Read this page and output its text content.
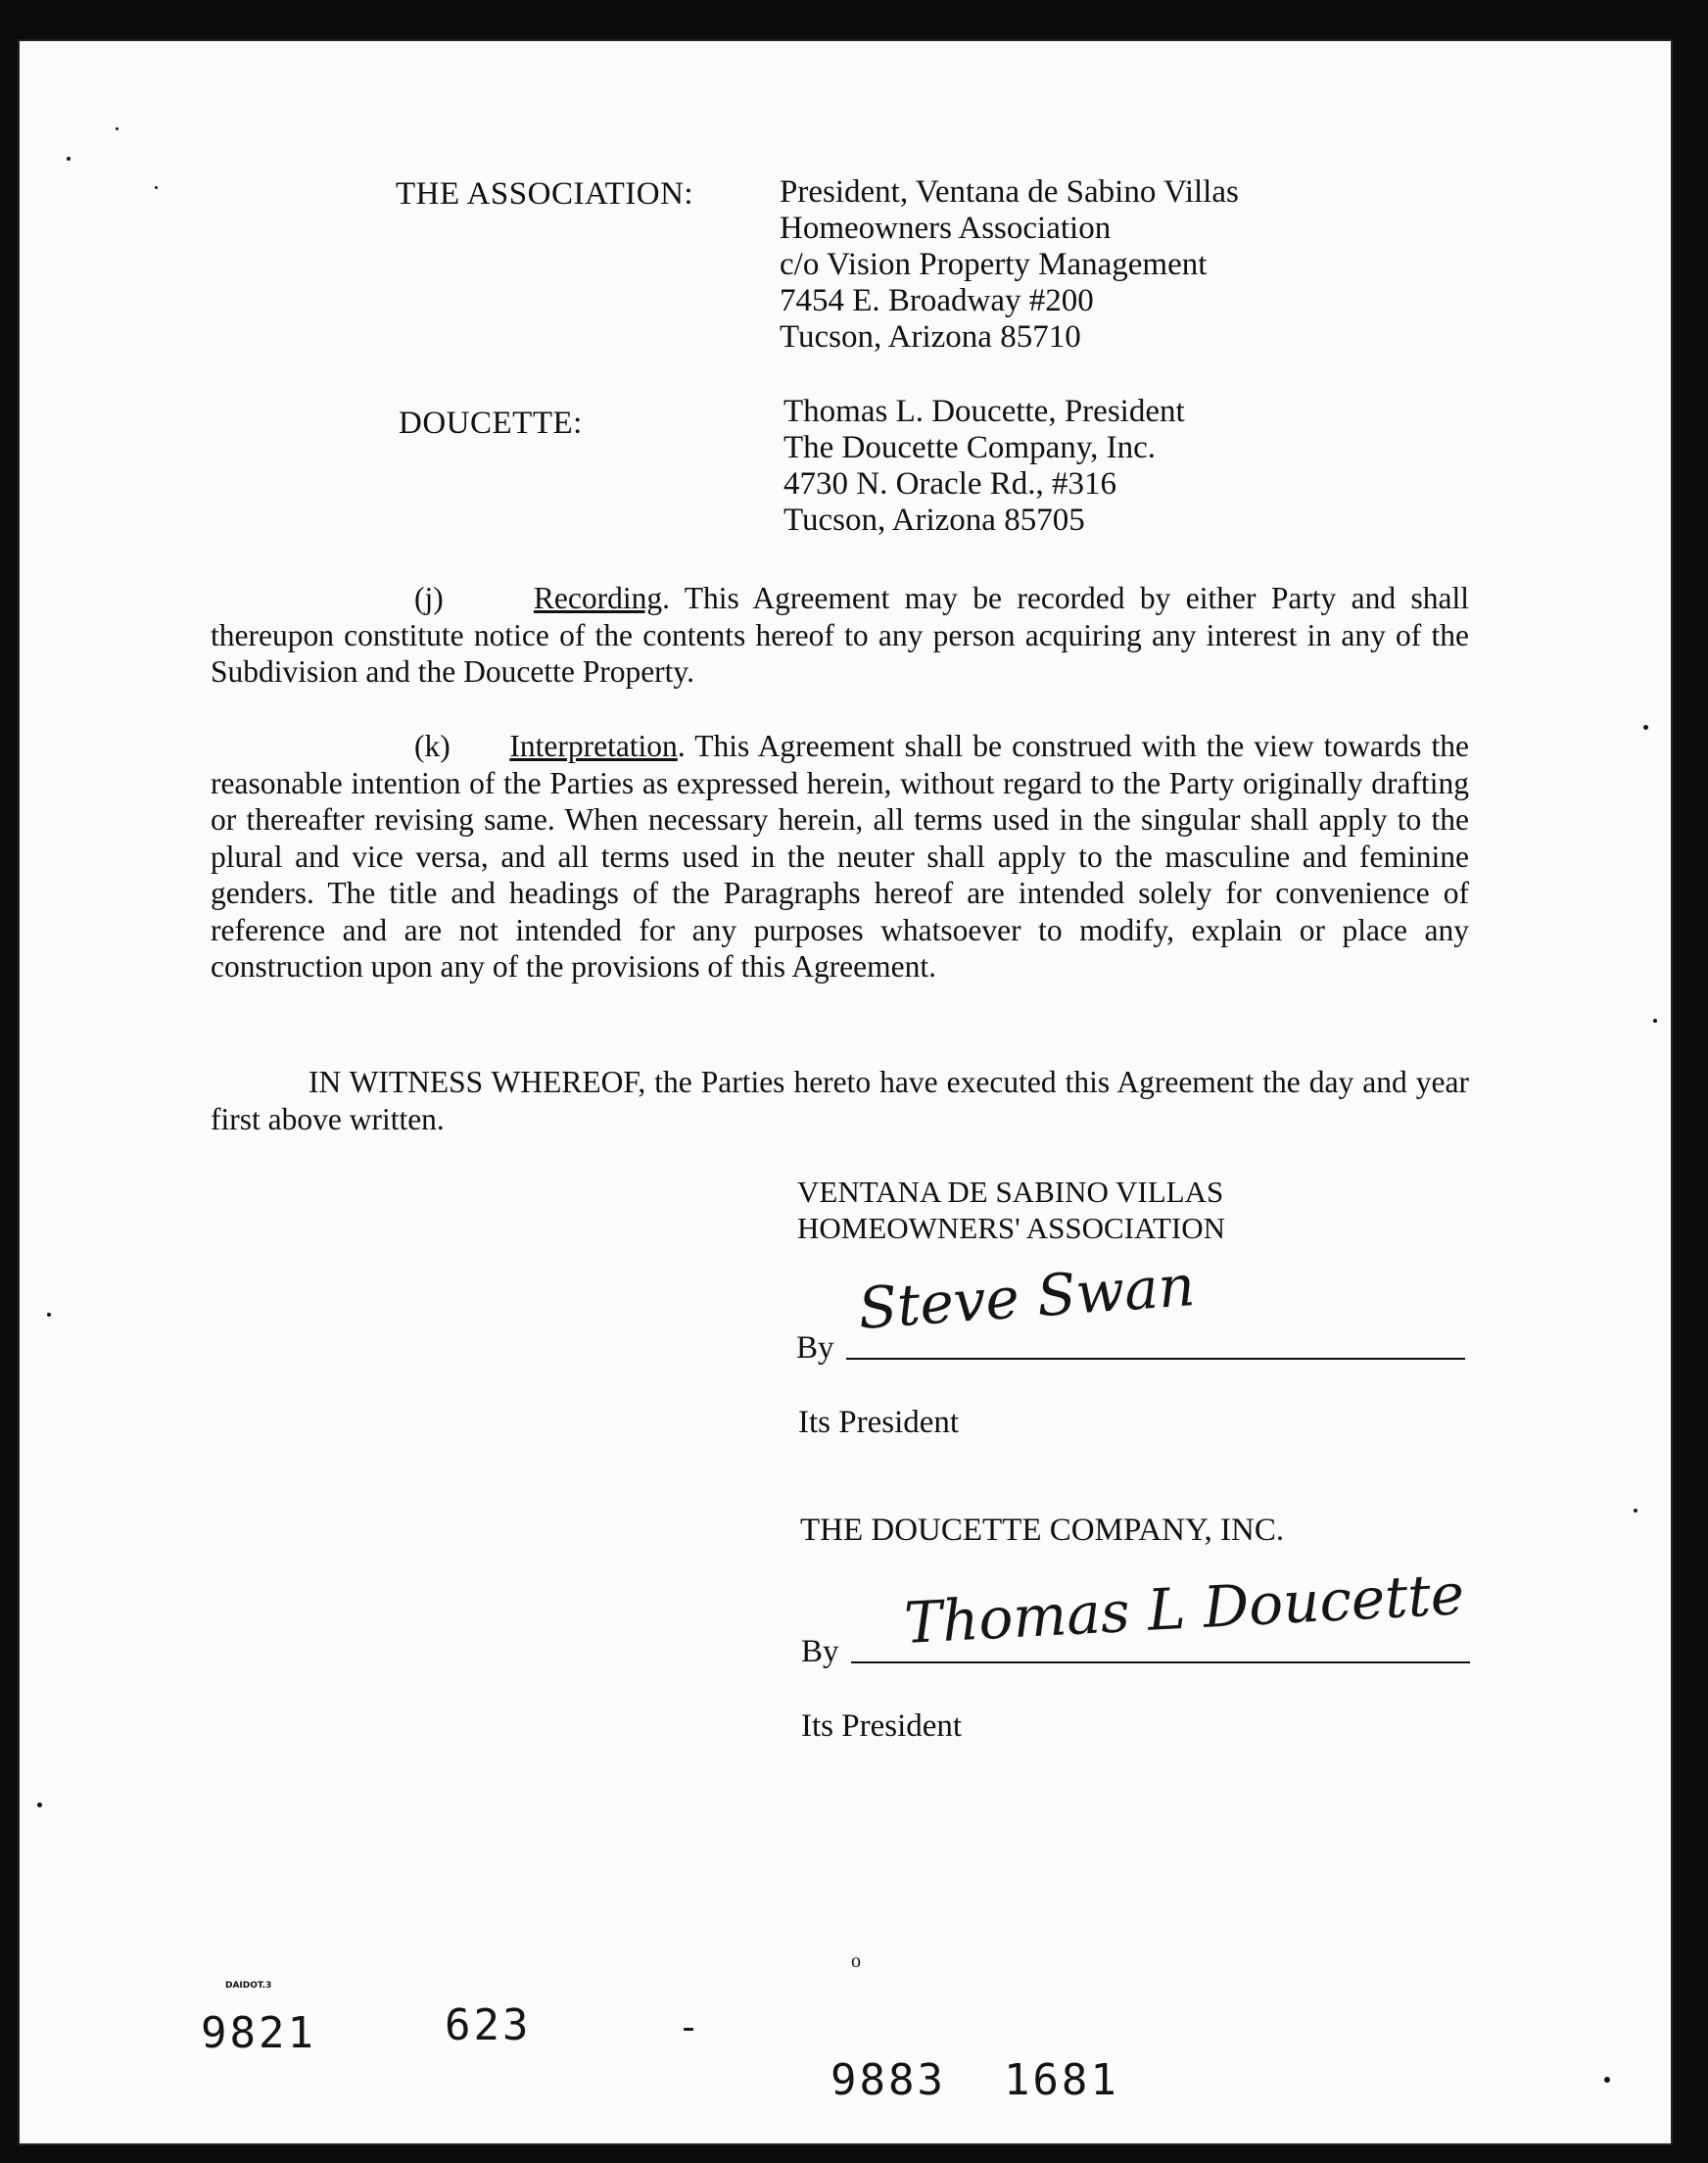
THE ASSOCIATION:	President, Ventana de Sabino Villas
Homeowners Association
c/o Vision Property Management
7454 E. Broadway #200
Tucson, Arizona 85710
DOUCETTE:	Thomas L. Doucette, President
The Doucette Company, Inc.
4730 N. Oracle Rd., #316
Tucson, Arizona 85705
(j)	Recording. This Agreement may be recorded by either Party and shall thereupon constitute notice of the contents hereof to any person acquiring any interest in any of the Subdivision and the Doucette Property.
(k) Interpretation. This Agreement shall be construed with the view towards the reasonable intention of the Parties as expressed herein, without regard to the Party originally drafting or thereafter revising same. When necessary herein, all terms used in the singular shall apply to the plural and vice versa, and all terms used in the neuter shall apply to the masculine and feminine genders. The title and headings of the Paragraphs hereof are intended solely for convenience of reference and are not intended for any purposes whatsoever to modify, explain or place any construction upon any of the provisions of this Agreement.
IN WITNESS WHEREOF, the Parties hereto have executed this Agreement the day and year first above written.
VENTANA DE SABINO VILLAS
HOMEOWNERS' ASSOCIATION
Steve Swan
By
Its President
THE DOUCETTE COMPANY, INC.
Thomas L Doucette
By
Its President
DAIDOT.3
o
9821	623
9883  1681
